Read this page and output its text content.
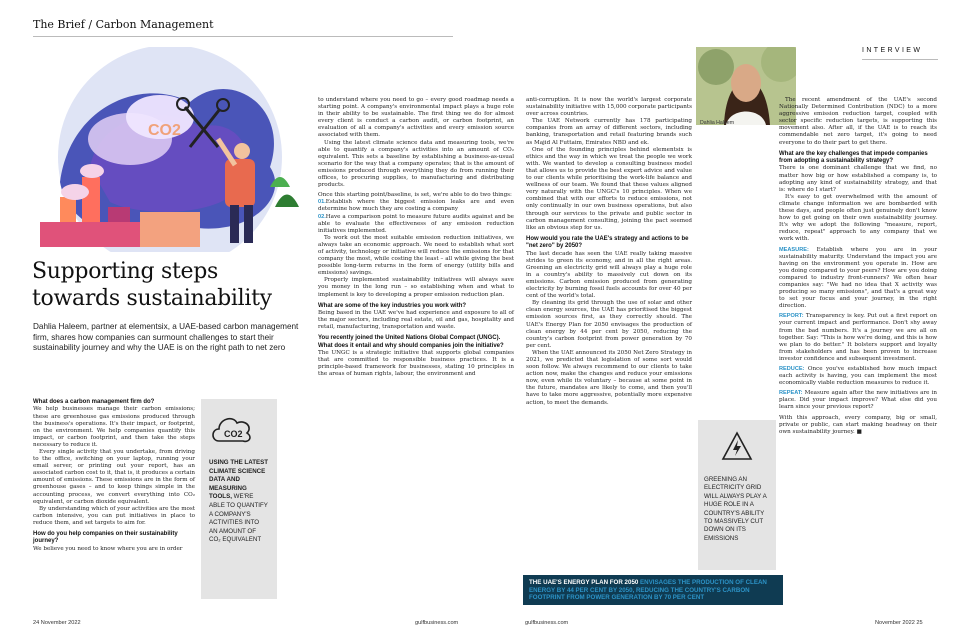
The Brief / Carbon Management
INTERVIEW
CO2
Supporting steps
towards sustainability
Dahlia Haleem, partner at elementsix, a UAE-based carbon management firm, shares how companies can surmount challenges to start their sustainability journey and why the UAE is on the right path to net zero
What does a carbon management firm do?

We help businesses manage their carbon emissions; these are greenhouse gas emissions produced through the business's operations. It's their impact, or footprint, on the environment. We help companies quantify this impact, or carbon footprint, and then take the steps necessary to reduce it.

Every single activity that you undertake, from driving to the office, switching on your laptop, running your email server, or printing out your report, has an associated carbon cost to it, that is, it produces a certain amount of emissions. These emissions are in the form of greenhouse gases – and to keep things simple in the accounting process, we convert everything into CO₂ equivalent, or carbon dioxide equivalent.

By understanding which of your activities are the most carbon intensive, you can put initiatives in place to reduce them, and set targets to aim for.

How do you help companies on their sustainability journey?

We believe you need to know where you are in order

CO2
USING THE LATEST CLIMATE SCIENCE DATA AND MEASURING TOOLS, WE'RE ABLE TO QUANTIFY A COMPANY'S ACTIVITIES INTO AN AMOUNT OF CO₂ EQUIVALENT

to understand where you need to go – every good roadmap needs a starting point. A company's environmental impact plays a huge role in their ability to be sustainable. The first thing we do for almost every client is conduct a carbon audit, or carbon footprint, an evaluation of all a company's activities and every emission source associated with them.

Using the latest climate science data and measuring tools, we're able to quantify a company's activities into an amount of CO₂ equivalent. This sets a baseline by establishing a business-as-usual scenario for the way that a company operates; that is the amount of emissions produced through everything they do from running their offices, to procuring supplies, to manufacturing and distributing products.

Once this starting point/baseline, is set, we're able to do two things:

01.Establish where the biggest emission leaks are and even determine how much they are costing a company

02.Have a comparison point to measure future audits against and be able to evaluate the effectiveness of any emission reduction initiatives implemented.

To work out the most suitable emission reduction initiatives, we always take an economic approach. We need to establish what sort of activity, technology or initiative will reduce the emissions for that company the most, while costing the least – all while giving the best possible long-term returns in the form of energy (utility bills and emissions) savings.

Properly implemented sustainability initiatives will always save you money in the long run – so establishing when and what to implement is key to developing a proper emission reduction plan.

What are some of the key industries you work with?

Being based in the UAE we've had experience and exposure to all of the major sectors, including real estate, oil and gas, hospitality and retail, manufacturing, transportation and waste.

You recently joined the United Nations Global Compact (UNGC). What does it entail and why should companies join the initiative?

The UNGC is a strategic initiative that supports global companies that are committed to responsible business practices. It is a principle-based framework for businesses, stating 10 principles in the areas of human rights, labour, the environment and

anti-corruption. It is now the world's largest corporate sustainability initiative with 15,000 corporate participants over across countries.

The UAE Network currently has 178 participating companies from an array of different sectors, including banking, transportation and retail featuring brands such as Majid Al Futtaim, Emirates NBD and ek.

One of the founding principles behind elementsix is ethics and the way in which we treat the people we work with. We wanted to develop a consulting business model that allows us to provide the best expert advice and value to our clients while prioritising the work-life balance and wellness of our team. We found that these values aligned very naturally with the UNGC's 10 principles. When we combined that with our efforts to reduce emissions, not only continually in our own business operations, but also through our services to the private and public sector in carbon management consulting, joining the pact seemed like an obvious step for us.

How would you rate the UAE's strategy and actions to be "net zero" by 2050?

The last decade has seen the UAE really taking massive strides to green its economy, and in all the right areas. Greening an electricity grid will always play a huge role in a country's ability to massively cut down on its emissions. Carbon emission produced from generating electricity by burning fossil fuels accounts for over 40 per cent of the world's total.

By cleaning its grid through the use of solar and other clean energy sources, the UAE has prioritised the biggest emission sources first, as they correctly should. The UAE's Energy Plan for 2050 envisages the production of clean energy by 44 per cent by 2050, reducing the country's carbon footprint from power generation by 70 per cent.

When the UAE announced its 2050 Net Zero Strategy in 2021, we predicted that legislation of some sort would soon follow. We always recommend to our clients to take action now, make the changes and reduce your emissions now, even while its voluntary – because at some point in the future, mandates are likely to come, and then you'll have to take more aggressive, potentially more expensive action, to meet the demands.

Dahlia Haleem
GREENING AN ELECTRICITY GRID WILL ALWAYS PLAY A HUGE ROLE IN A COUNTRY'S ABILITY TO MASSIVELY CUT DOWN ON ITS EMISSIONS
THE UAE'S ENERGY PLAN FOR 2050 ENVISAGES THE PRODUCTION OF CLEAN ENERGY BY 44 PER CENT BY 2050, REDUCING THE COUNTRY'S CARBON FOOTPRINT FROM POWER GENERATION BY 70 PER CENT

The recent amendment of the UAE's second Nationally Determined Contribution (NDC) to a more aggressive emission reduction target, coupled with sector specific reduction targets, is supporting this movement also. After all, if the UAE is to reach its commendable net zero target, it's going to need everyone to do their part to get there.

What are the key challenges that impede companies from adopting a sustainability strategy?

There is one dominant challenge that we find, no matter how big or how established a company is, to adopting any kind of sustainability strategy, and that is: where do I start?

It's easy to get overwhelmed with the amount of climate change information we are bombarded with these days, and people often just genuinely don't know how to get going on their own sustainability journey. It's why we adopt the following "measure, report, reduce, repeat" approach to any company that we work with.

MEASURE: Establish where you are in your sustainability maturity. Understand the impact you are having on the environment you operate in. How are you doing compared to your peers? How are you doing compared to industry front-runners? We often hear companies say: "We had no idea that X activity was producing so many emissions", and that's a great way to set your focus and your journey, in the right direction.

REPORT: Transparency is key. Put out a first report on your current impact and performance. Don't shy away from the bad numbers. It's a journey we are all on together. Say: "This is how we're doing, and this is how we plan to do better." It bolsters support and loyalty from stakeholders and has been proven to increase investor confidence and subsequent investment.

REDUCE: Once you've established how much impact each activity is having, you can implement the most economically viable reduction measures to reduce it.

REPEAT: Measure again after the new initiatives are in place. Did your impact improve? What else did you learn since your previous report?

With this approach, every company, big or small, private or public, can start making headway on their own sustainability journey. ■

24 November 2022	gulfbusiness.com	gulfbusiness.com	November 2022 25
